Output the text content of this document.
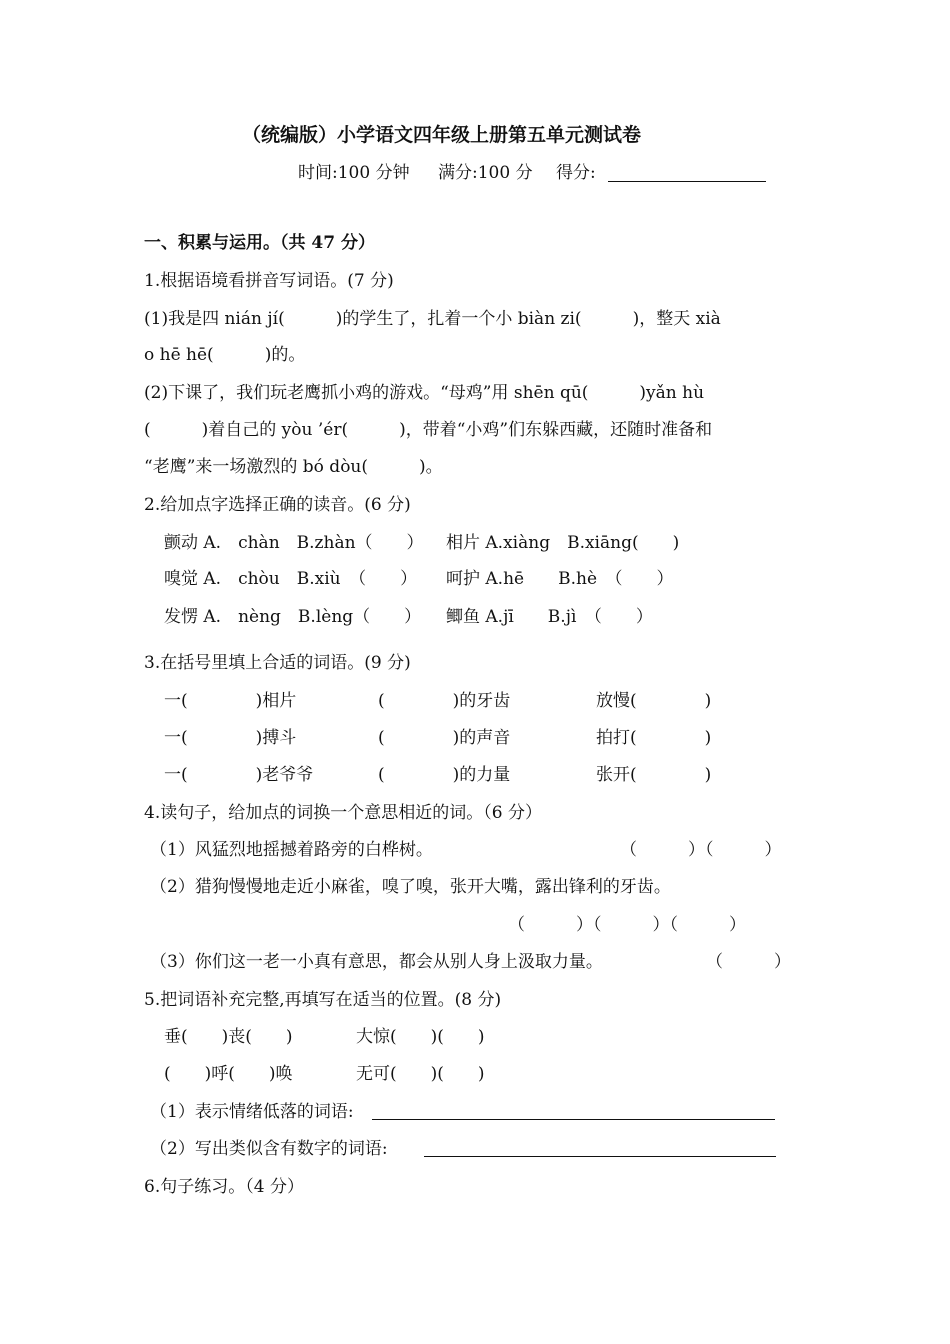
（统编版）小学语文四年级上册第五单元测试卷
时间:100 分钟 满分:100 分 得分:
一、积累与运用。（共 47 分）
1.根据语境看拼音写词语。(7 分)
(1)我是四 nián jí(　　　)的学生了，扎着一个小 biàn zi(　　　)，整天 xià
o hē hē(　　　)的。
(2)下课了，我们玩老鹰抓小鸡的游戏。“母鸡”用 shēn qū(　　　)yǎn hù
(　　　)着自己的 yòu ’ér(　　　)，带着“小鸡”们东躲西藏，还随时准备和
“老鹰”来一场激烈的 bó dòu(　　　)。
2.给加点字选择正确的读音。(6 分)
颤动 A.　chàn　B.zhàn（　　） 相片 A.xiàng　B.xiāng(　　)
嗅觉 A.　chòu　B.xiù　（　　） 呵护 A.hē　　B.hè　（　　）
发愣 A.　nèng　B.lèng（　　） 鲫鱼 A.jī　　B.jì　（　　）
3.在括号里填上合适的词语。(9 分)
一(　　　　)相片	(　　　　)的牙齿	放慢(　　　　)
一(　　　　)搏斗	(　　　　)的声音	拍打(　　　　)
一(　　　　)老爷爷	(　　　　)的力量	张开(　　　　)
4.读句子，给加点的词换一个意思相近的词。（6 分）
（1）风猛烈地摇撼着路旁的白桦树。	（　　　）（　　　）
（2）猎狗慢慢地走近小麻雀，嗅了嗅，张开大嘴，露出锋利的牙齿。
（　　　）（　　　）（　　　）
（3）你们这一老一小真有意思，都会从别人身上汲取力量。	（　　　）
5.把词语补充完整,再填写在适当的位置。(8 分)
垂(　　)丧(　　)	大惊(　　)(　　)
(　　)呼(　　)唤	无可(　　)(　　)
（1）表示情绪低落的词语:
（2）写出类似含有数字的词语:
6.句子练习。（4 分）
